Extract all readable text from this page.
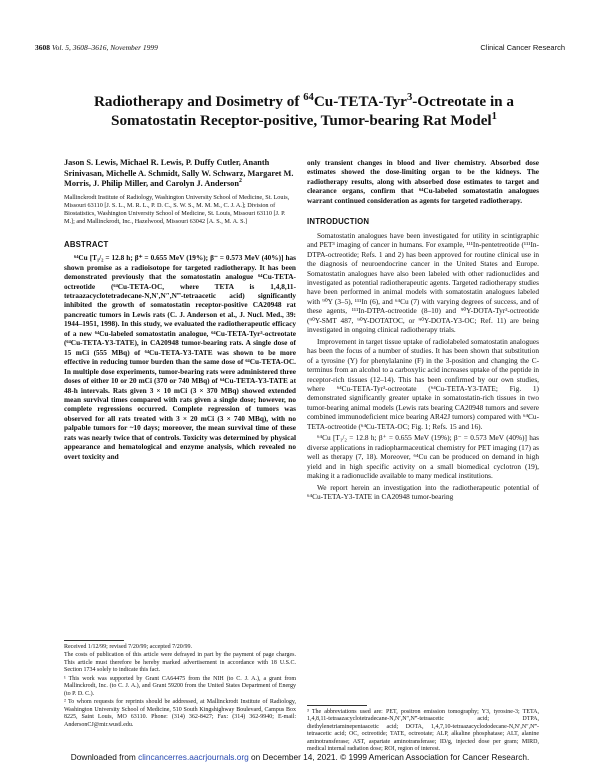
3608 Vol. 5, 3608–3616, November 1999	Clinical Cancer Research
Radiotherapy and Dosimetry of $^{64}$Cu-TETA-Tyr$^3$-Octreotate in a Somatostatin Receptor-positive, Tumor-bearing Rat Model$^1$
Jason S. Lewis, Michael R. Lewis, P. Duffy Cutler, Ananth Srinivasan, Michelle A. Schmidt, Sally W. Schwarz, Margaret M. Morris, J. Philip Miller, and Carolyn J. Anderson$^2$
Mallinckrodt Institute of Radiology, Washington University School of Medicine, St. Louis, Missouri 63110 [J. S. L., M. R. L., P. D. C., S. W. S., M. M. M., C. J. A.]; Division of Biostatistics, Washington University School of Medicine, St. Louis, Missouri 63110 [J. P. M.]; and Mallinckrodt, Inc., Hazelwood, Missouri 63042 [A. S., M. A. S.]
ABSTRACT

⁶⁴Cu [T₁/₂ = 12.8 h; β⁺ = 0.655 MeV (19%); β⁻ = 0.573 MeV (40%)] has shown promise as a radioisotope for targeted radiotherapy. It has been demonstrated previously that the somatostatin analogue ⁶⁴Cu-TETA-octreotide (⁶⁴Cu-TETA-OC, where TETA is 1,4,8,11-tetraazacyclotetradecane-N,N′,N″,N‴-tetraacetic acid) significantly inhibited the growth of somatostatin receptor-positive CA20948 rat pancreatic tumors in Lewis rats (C. J. Anderson et al., J. Nucl. Med., 39: 1944–1951, 1998). In this study, we evaluated the radiotherapeutic efficacy of a new ⁶⁴Cu-labeled somatostatin analogue, ⁶⁴Cu-TETA-Tyr³-octreotate (⁶⁴Cu-TETA-Y3-TATE), in CA20948 tumor-bearing rats. A single dose of 15 mCi (555 MBq) of ⁶⁴Cu-TETA-Y3-TATE was shown to be more effective in reducing tumor burden than the same dose of ⁶⁴Cu-TETA-OC. In multiple dose experiments, tumor-bearing rats were administered three doses of either 10 or 20 mCi (370 or 740 MBq) of ⁶⁴Cu-TETA-Y3-TATE at 48-h intervals. Rats given 3 × 10 mCi (3 × 370 MBq) showed extended mean survival times compared with rats given a single dose; however, no complete regressions occurred. Complete regression of tumors was observed for all rats treated with 3 × 20 mCi (3 × 740 MBq), with no palpable tumors for ~10 days; moreover, the mean survival time of these rats was nearly twice that of controls. Toxicity was determined by physical appearance and hematological and enzyme analysis, which revealed no overt toxicity and

only transient changes in blood and liver chemistry. Absorbed dose estimates showed the dose-limiting organ to be the kidneys. The radiotherapy results, along with absorbed dose estimates to target and clearance organs, confirm that ⁶⁴Cu-labeled somatostatin analogues warrant continued consideration as agents for targeted radiotherapy.

INTRODUCTION

Somatostatin analogues have been investigated for utility in scintigraphic and PET³ imaging of cancer in humans. For example, ¹¹¹In-pentetreotide (¹¹¹In-DTPA-octreotide; Refs. 1 and 2) has been approved for routine clinical use in the diagnosis of neuroendocrine cancer in the United States and Europe. Somatostatin analogues have also been labeled with other radionuclides and investigated as potential radiotherapeutic agents. Targeted radiotherapy studies have been performed in animal models with somatostatin analogues labeled with ⁹⁰Y (3–5), ¹¹¹In (6), and ⁶⁴Cu (7) with varying degrees of success, and of these agents, ¹¹¹In-DTPA-octreotide (8–10) and ⁹⁰Y-DOTA-Tyr³-octreotide (⁹⁰Y-SMT 487, ⁹⁰Y-DOTATOC, or ⁹⁰Y-DOTA-Y3-OC; Ref. 11) are being investigated in ongoing clinical radiotherapy trials.

Improvement in target tissue uptake of radiolabeled somatostatin analogues has been the focus of a number of studies. It has been shown that substitution of a tyrosine (Y) for phenylalanine (F) in the 3-position and changing the C-terminus from an alcohol to a carboxylic acid increases uptake of the peptide in receptor-rich tissues (12–14). This has been confirmed by our own studies, where ⁶⁴Cu-TETA-Tyr³-octreotate (⁶⁴Cu-TETA-Y3-TATE; Fig. 1) demonstrated significantly greater uptake in somatostatin-rich tissues in two tumor-bearing animal models (Lewis rats bearing CA20948 tumors and severe combined immunodeficient mice bearing AR42J tumors) compared with ⁶⁴Cu-TETA-octreotide (⁶⁴Cu-TETA-OC; Fig. 1; Refs. 15 and 16).

⁶⁴Cu [T₁/₂ = 12.8 h; β⁺ = 0.655 MeV (19%); β⁻ = 0.573 MeV (40%)] has diverse applications in radiopharmaceutical chemistry for PET imaging (17) as well as therapy (7, 18). Moreover, ⁶⁴Cu can be produced on demand in high yield and in high specific activity on a small biomedical cyclotron (19), making it a radionuclide available to many medical institutions.

We report herein an investigation into the radiotherapeutic potential of ⁶⁴Cu-TETA-Y3-TATE in CA20948 tumor-bearing

Received 1/12/99; revised 7/20/99; accepted 7/20/99.

The costs of publication of this article were defrayed in part by the payment of page charges. This article must therefore be hereby marked advertisement in accordance with 18 U.S.C. Section 1734 solely to indicate this fact.

¹ This work was supported by Grant CA64475 from the NIH (to C. J. A.), a grant from Mallinckrodt, Inc. (to C. J. A.), and Grant 59200 from the United States Department of Energy (to P. D. C.).

² To whom requests for reprints should be addressed, at Mallinckrodt Institute of Radiology, Washington University School of Medicine, 510 South Kingshighway Boulevard, Campus Box 8225, Saint Louis, MO 63110. Phone: (314) 362-8427; Fax: (314) 362-9940; E-mail: AndersonCJ@mir.wustl.edu.

³ The abbreviations used are: PET, positron emission tomography; Y3, tyrosine-3; TETA, 1,4,8,11-tetraazacyclotetradecane-N,N′,N″,N‴-tetraacetic acid; DTPA, diethylenetriaminepentaacetic acid; DOTA, 1,4,7,10-tetraazacyclododecane-N,N′,N″,N‴-tetraacetic acid; OC, octreotide; TATE, octreotate; ALP, alkaline phosphatase; ALT, alanine aminotransferase; AST, aspartate aminotransferase; ID/g, injected dose per gram; MIRD, medical internal radiation dose; ROI, region of interest.

Downloaded from clincancerres.aacrjournals.org on December 14, 2021. © 1999 American Association for Cancer Research.
